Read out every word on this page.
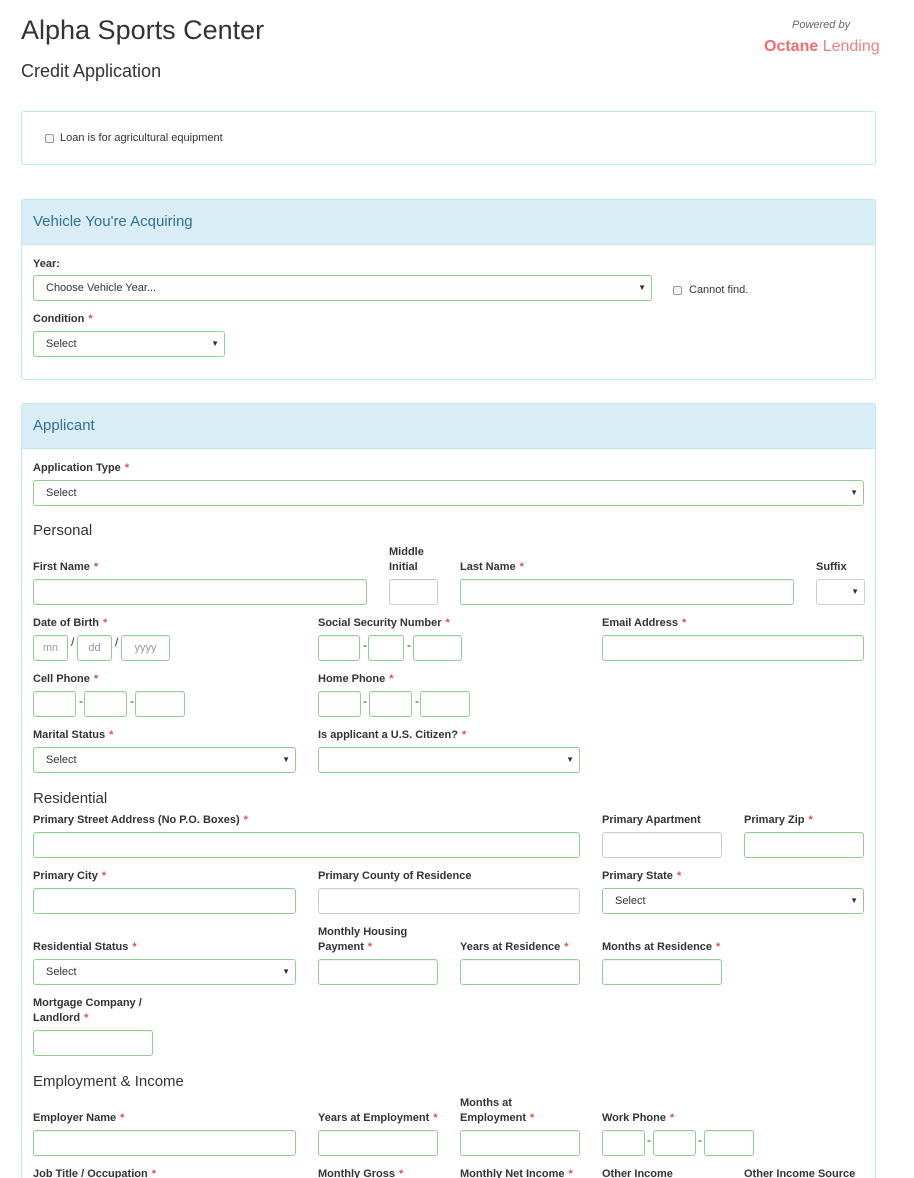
Alpha Sports Center
Credit Application
Powered by
Octane Lending
Loan is for agricultural equipment
Vehicle You're Acquiring
Year:
Choose Vehicle Year...	▼	Cannot find.
Condition *
Select	▼
Applicant
Application Type *
Select	▼
Personal
First Name *
Middle
Initial	Last Name *	Suffix
▼
Date of Birth *
mn	/	dd	/	yyyy
Social Security Number *
-	-
Email Address *
Cell Phone *
-	-
Home Phone *
-	-
Marital Status *
Select	▼
Is applicant a U.S. Citizen? *
▼
Residential
Primary Street Address (No P.O. Boxes) *	Primary Apartment	Primary Zip *
Primary City *	Primary County of Residence	Primary State *
Select	▼
Residential Status *
Select	▼
Monthly Housing
Payment *	Years at Residence *	Months at Residence *
Mortgage Company /
Landlord *
Employment & Income
Employer Name *	Years at Employment *
Months at
Employment *	Work Phone *
-	-
Job Title / Occupation *	Monthly Gross *	Monthly Net Income *	Other Income	Other Income Source
